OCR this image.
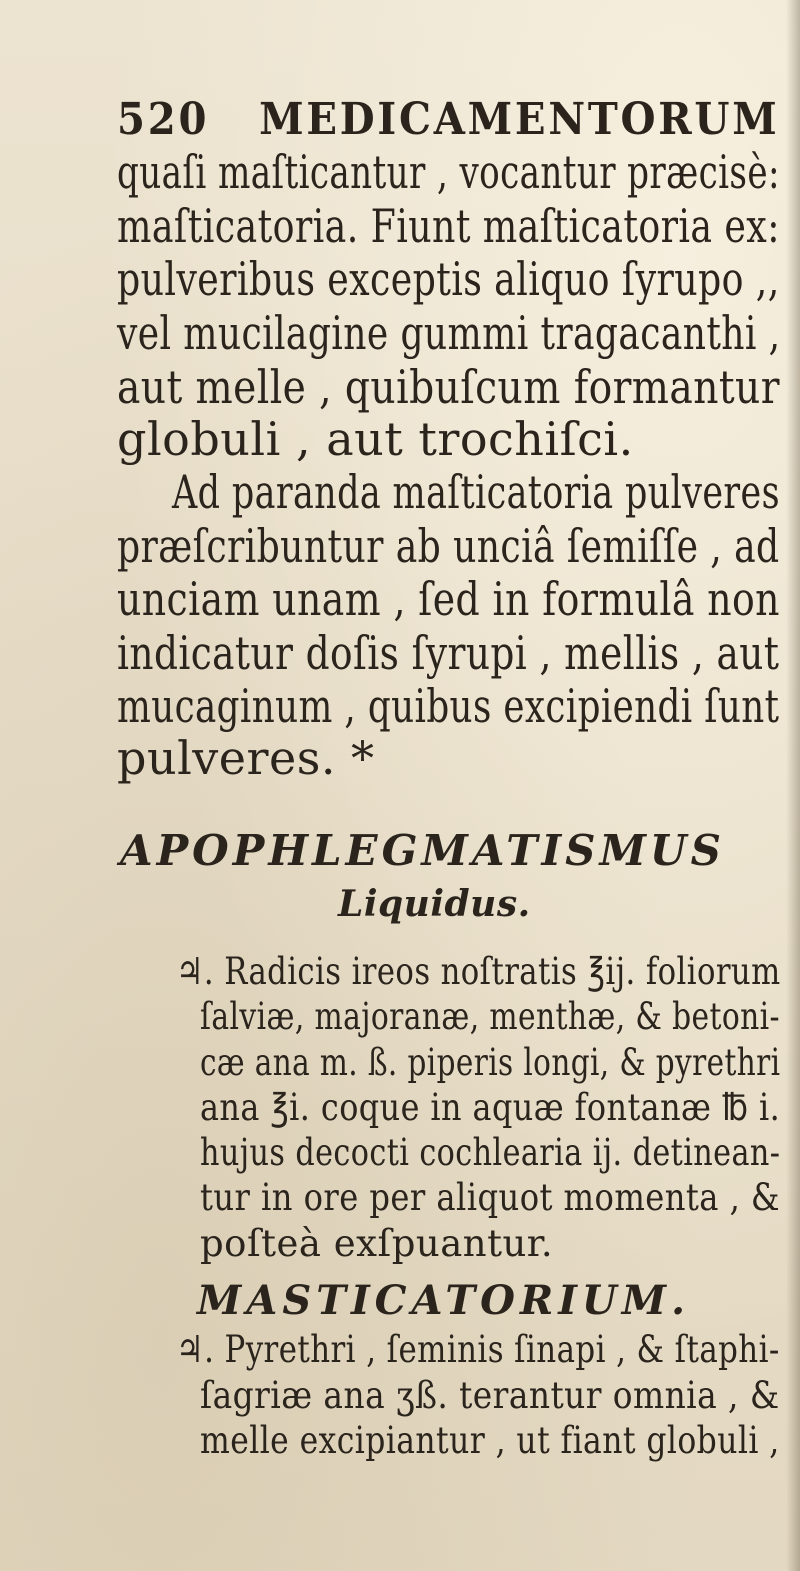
520 MEDICAMENTORUM
quaſi maſticantur , vocantur præcisè:
maſticatoria. Fiunt maſticatoria ex:
pulveribus exceptis aliquo ſyrupo ,,
vel mucilagine gummi tragacanthi ,
aut melle , quibuſcum formantur
globuli , aut trochiſci.
Ad paranda maſticatoria pulveres
præſcribuntur ab unciâ ſemiſſe , ad
unciam unam , ſed in formulâ non
indicatur doſis ſyrupi , mellis , aut
mucaginum , quibus excipiendi ſunt
pulveres. *
APOPHLEGMATISMUS
Liquidus.
♃. Radicis ireos noſtratis ℥ij. foliorum
ſalviæ, majoranæ, menthæ, & betoni-
cæ ana m. ß. piperis longi, & pyrethri
ana ℥i. coque in aquæ fontanæ ℔ i.
hujus decocti cochlearia ij. detinean-
tur in ore per aliquot momenta , &
poſteà exſpuantur.
MASTICATORIUM.
♃. Pyrethri , ſeminis ſinapi , & ſtaphi-
ſagriæ ana ʒß. terantur omnia , &
melle excipiantur , ut fiant globuli ,
